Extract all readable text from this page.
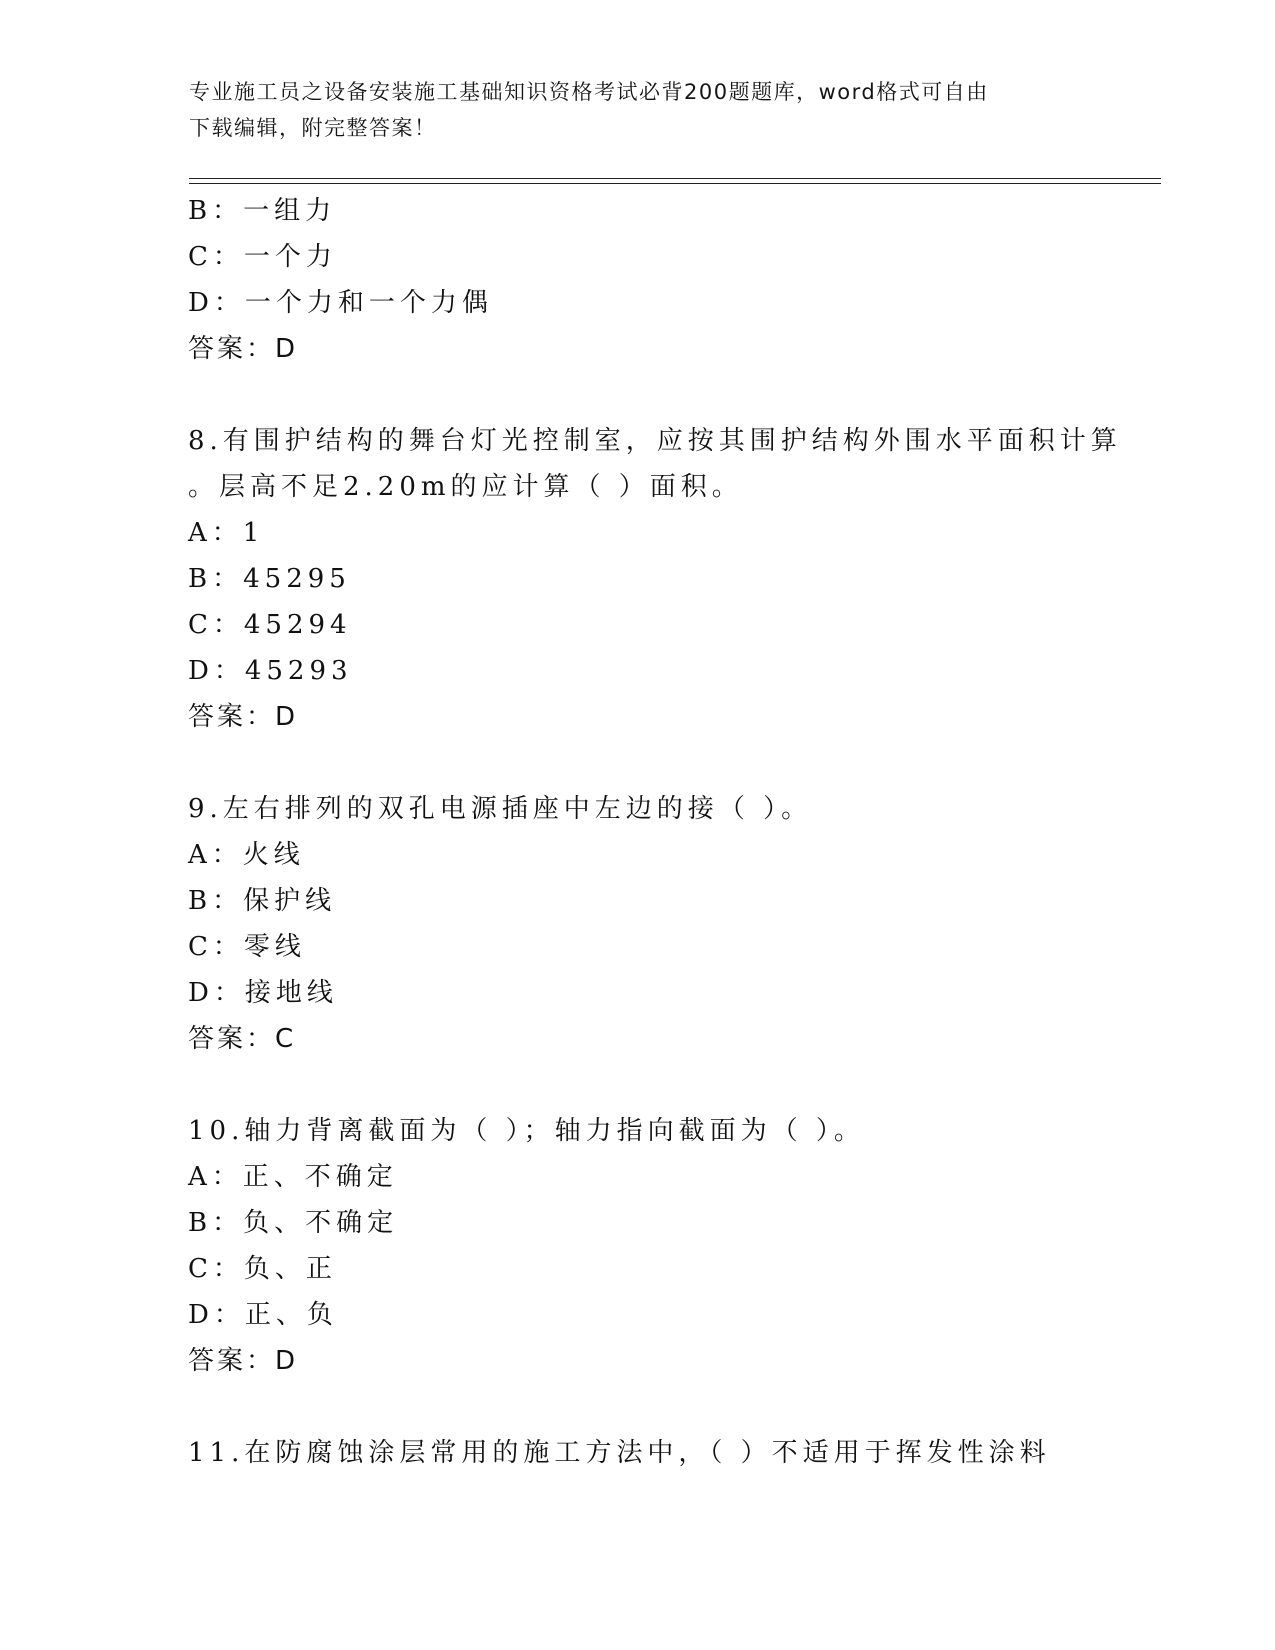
专业施工员之设备安装施工基础知识资格考试必背200题题库，word格式可自由
下载编辑，附完整答案！
B：一组力
C：一个力
D：一个力和一个力偶
答案：D
8.有围护结构的舞台灯光控制室，应按其围护结构外围水平面积计算
。层高不足2.20m的应计算（ ）面积。
A：1
B：45295
C：45294
D：45293
答案：D
9.左右排列的双孔电源插座中左边的接（ ）。
A：火线
B：保护线
C：零线
D：接地线
答案：C
10.轴力背离截面为（ ）；轴力指向截面为（ ）。
A：正、不确定
B：负、不确定
C：负、正
D：正、负
答案：D
11.在防腐蚀涂层常用的施工方法中，（ ）不适用于挥发性涂料
